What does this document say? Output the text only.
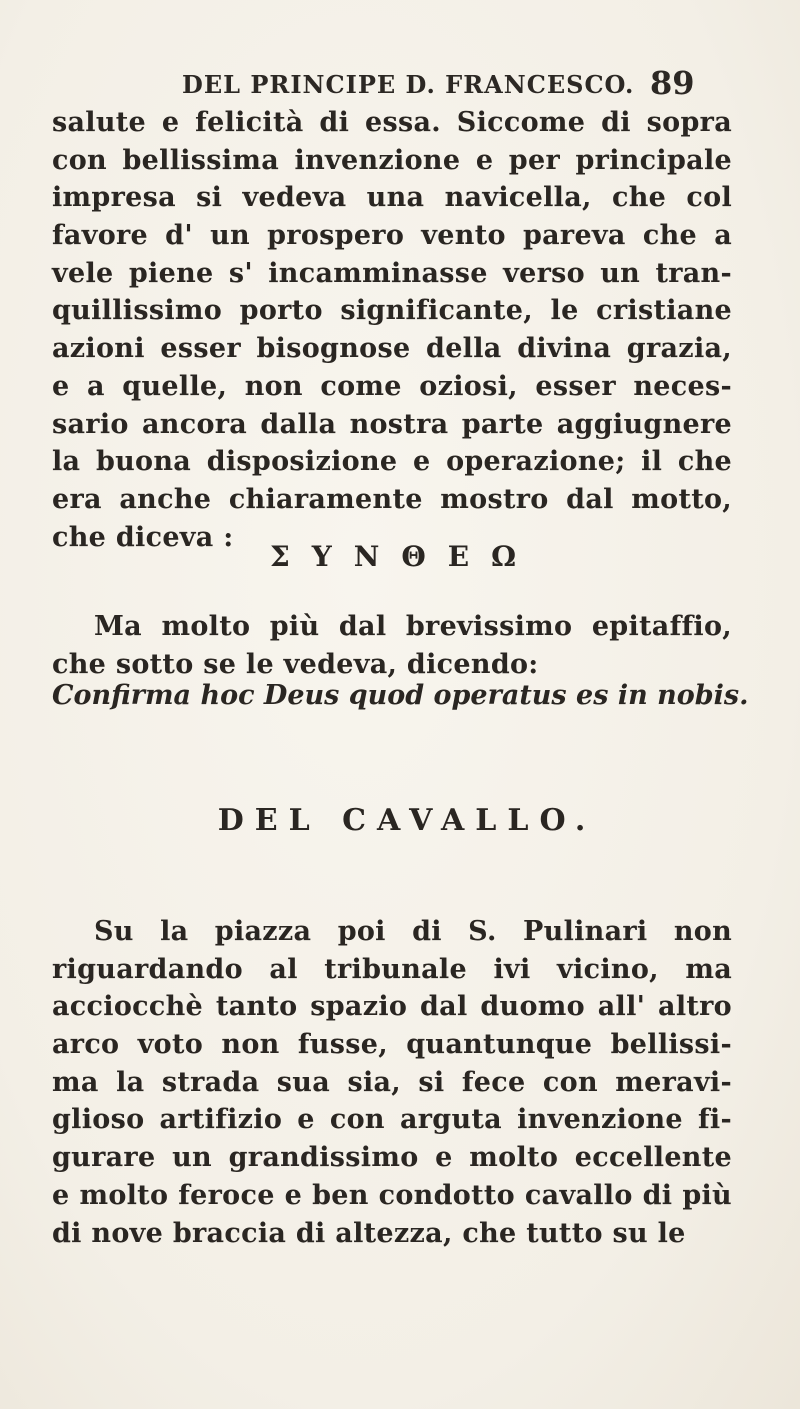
DEL PRINCIPE D. FRANCESCO. 89
salute e felicità di essa. Siccome di sopra
con bellissima invenzione e per principale
impresa si vedeva una navicella, che col
favore d' un prospero vento pareva che a
vele piene s' incamminasse verso un tran-
quillissimo porto significante, le cristiane
azioni esser bisognose della divina grazia,
e a quelle, non come oziosi, esser neces-
sario ancora dalla nostra parte aggiugnere
la buona disposizione e operazione; il che
era anche chiaramente mostro dal motto,
che diceva :
ΣΥΝΘΕΩ
Ma molto più dal brevissimo epitaffio,
che sotto se le vedeva, dicendo:
Confirma hoc Deus quod operatus es in nobis.
DEL CAVALLO.
Su la piazza poi di S. Pulinari non
riguardando al tribunale ivi vicino, ma
acciocchè tanto spazio dal duomo all' altro
arco voto non fusse, quantunque bellissi-
ma la strada sua sia, si fece con meravi-
glioso artifizio e con arguta invenzione fi-
gurare un grandissimo e molto eccellente
e molto feroce e ben condotto cavallo di più
di nove braccia di altezza, che tutto su le
